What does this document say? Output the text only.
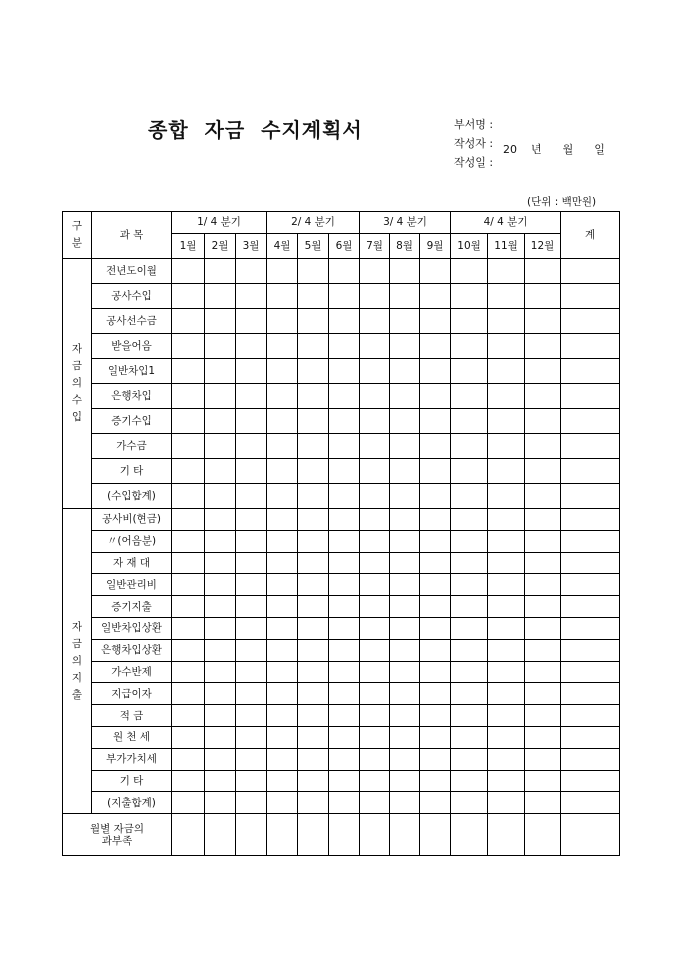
종합  자금  수지계획서	부서명 :

작성자 :

작성일 :

20    년      월      일

(단위 : 백만원)
구
분	과 목	1/ 4 분기			2/ 4 분기			3/ 4 분기			4/ 4 분기			계
		1월	2월	3월	4월	5월	6월	7월	8월	9월	10월	11월	12월	

자
금
의
수
입	전년도이월													
	공사수입													
	공사선수금													
	받을어음													
	일반차입1													
	은행차입													
	증기수입													
	가수금													
	기 타													
	(수입합계)													

자
금
의
지
출	공사비(현금)													
	〃(어음분)													
	자 재 대													
	일반관리비													
	증기지출													
	일반차입상환													
	은행차입상환													
	가수반제													
	지급이자													
	적 금													
	원 천 세													
	부가가치세													
	기 타													
	(지출합계)													
월별 자금의
과부족														
